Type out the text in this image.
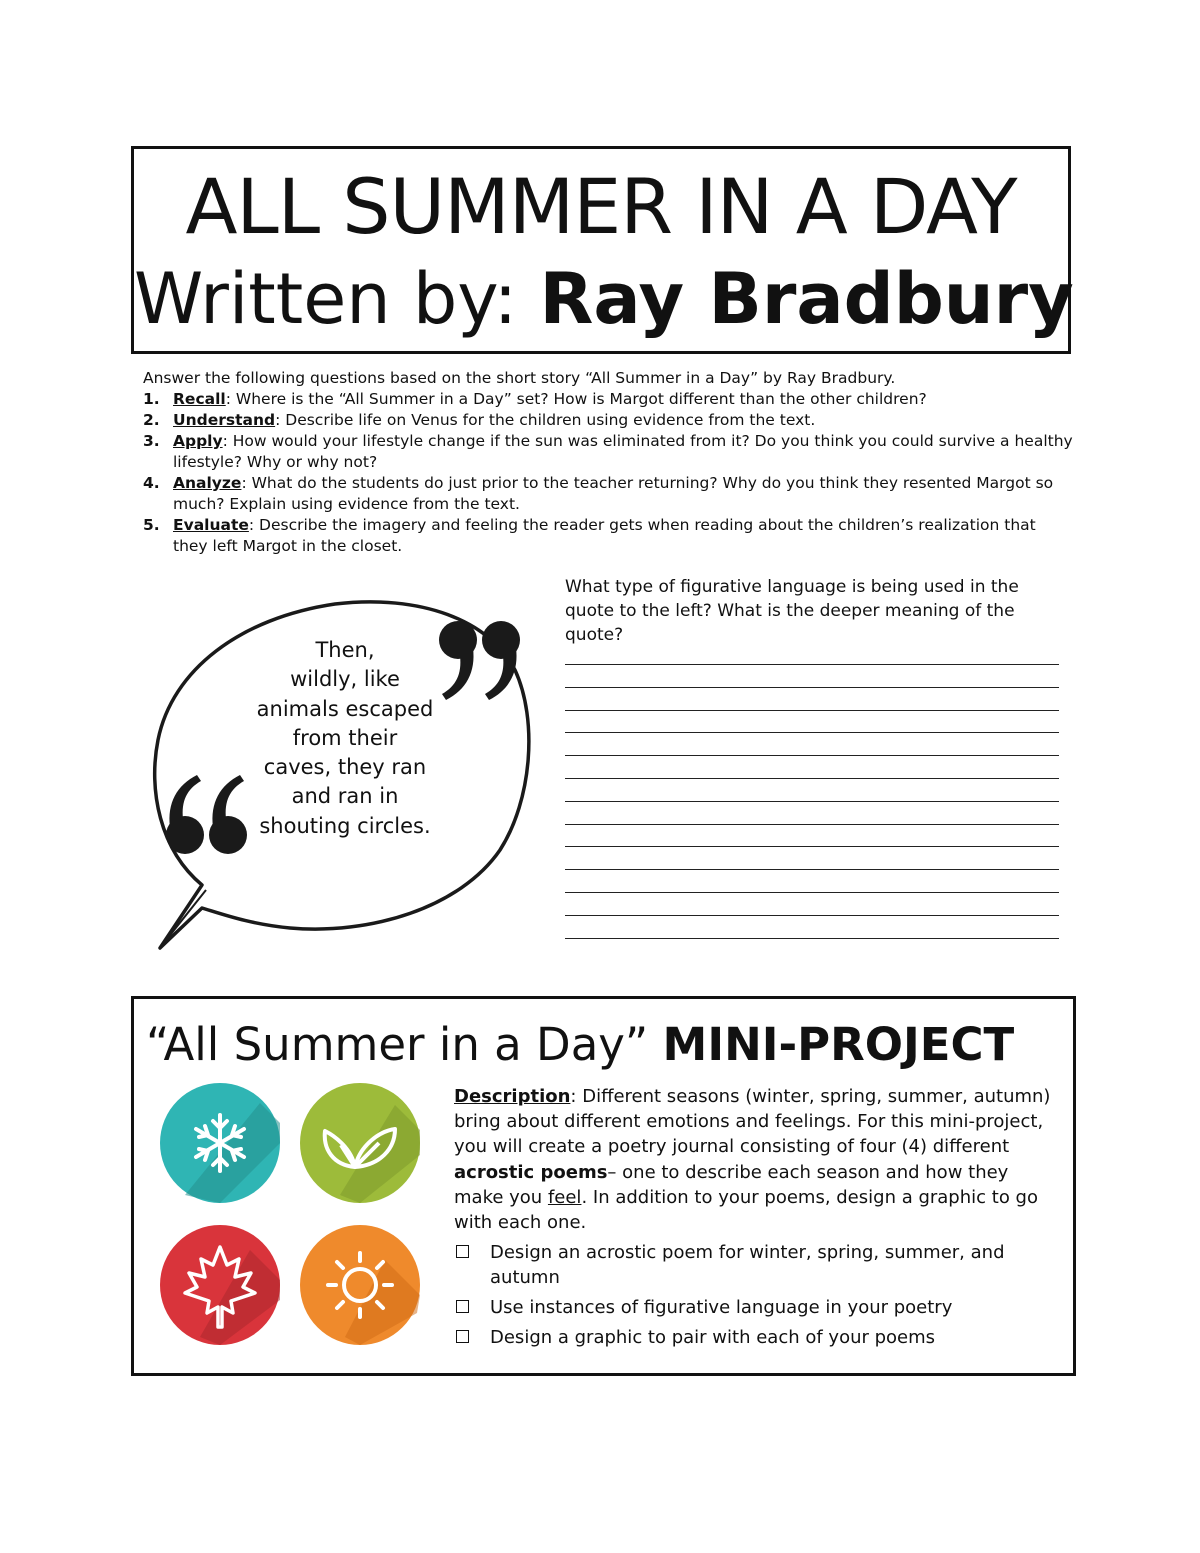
ALL SUMMER IN A DAY
Written by: Ray Bradbury
Answer the following questions based on the short story “All Summer in a Day” by Ray Bradbury.
1. Recall: Where is the “All Summer in a Day” set? How is Margot different than the other children?
2. Understand: Describe life on Venus for the children using evidence from the text.
3. Apply: How would your lifestyle change if the sun was eliminated from it? Do you think you could survive a healthy lifestyle? Why or why not?
4. Analyze: What do the students do just prior to the teacher returning? Why do you think they resented Margot so much? Explain using evidence from the text.
5. Evaluate: Describe the imagery and feeling the reader gets when reading about the children’s realization that they left Margot in the closet.
Then,
wildly, like
animals escaped
from their
caves, they ran
and ran in
shouting circles.
What type of figurative language is being used in the quote to the left? What is the deeper meaning of the quote?
“All Summer in a Day” MINI-PROJECT
Description: Different seasons (winter, spring, summer, autumn) bring about different emotions and feelings. For this mini-project, you will create a poetry journal consisting of four (4) different acrostic poems– one to describe each season and how they make you feel. In addition to your poems, design a graphic to go with each one.
Design an acrostic poem for winter, spring, summer, and autumn
Use instances of figurative language in your poetry
Design a graphic to pair with each of your poems
